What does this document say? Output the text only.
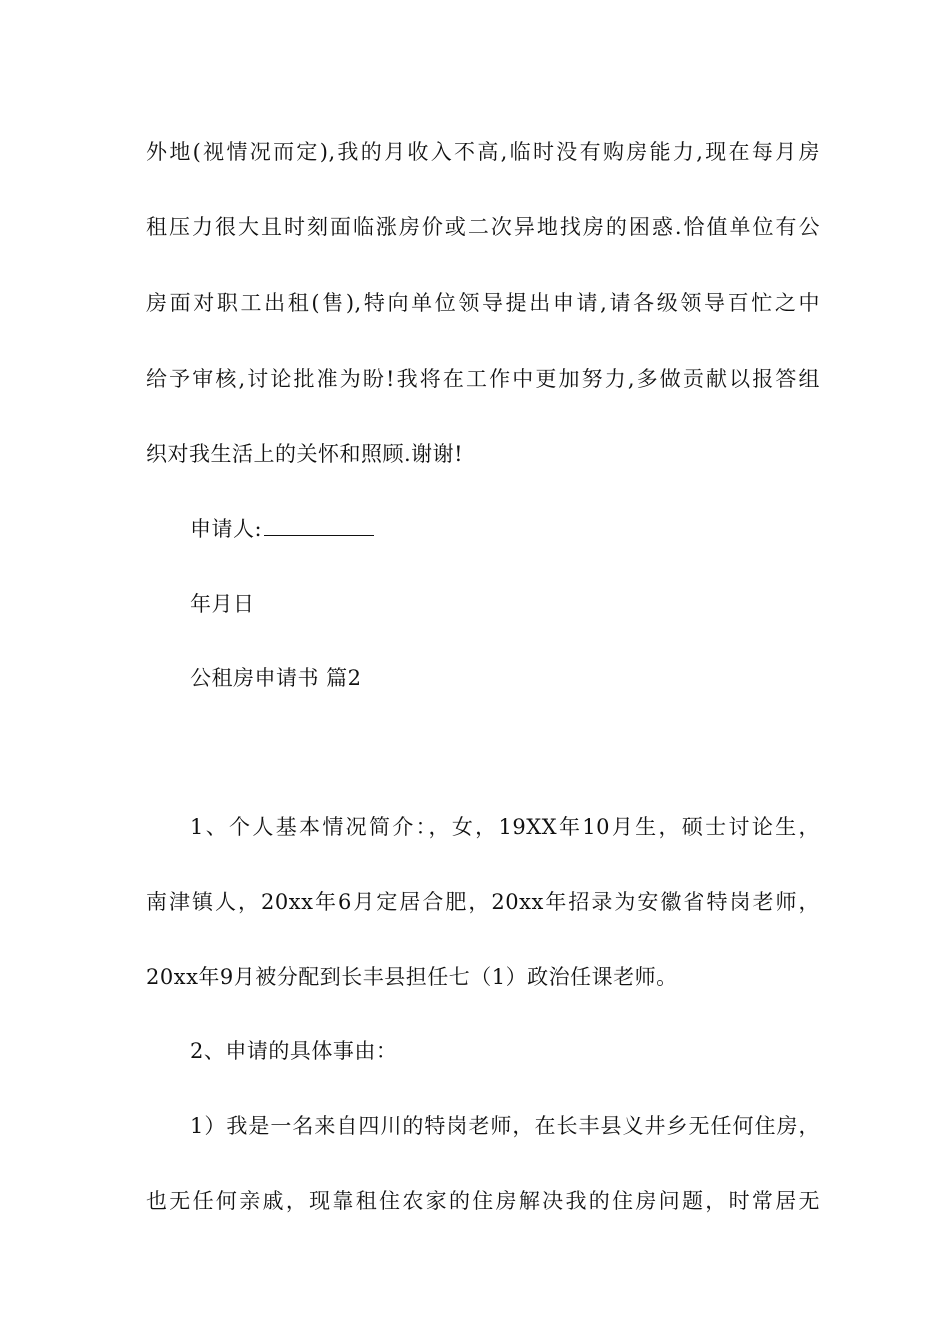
外地(视情况而定),我的月收入不高,临时没有购房能力,现在每月房
租压力很大且时刻面临涨房价或二次异地找房的困惑.恰值单位有公
房面对职工出租(售),特向单位领导提出申请,请各级领导百忙之中
给予审核,讨论批准为盼!我将在工作中更加努力,多做贡献以报答组
织对我生活上的关怀和照顾.谢谢!
申请人:
年月日
公租房申请书 篇2
1、个人基本情况简介：，女，19XX年10月生，硕士讨论生，
南津镇人，20xx年6月定居合肥，20xx年招录为安徽省特岗老师，
20xx年9月被分配到长丰县担任七（1）政治任课老师。
2、申请的具体事由：
1）我是一名来自四川的特岗老师，在长丰县义井乡无任何住房，
也无任何亲戚，现靠租住农家的住房解决我的住房问题，时常居无
